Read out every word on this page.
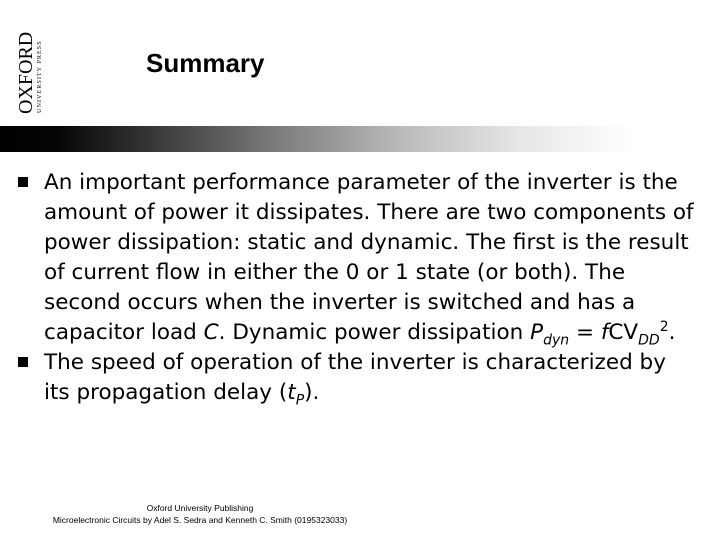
OXFORD UNIVERSITY PRESS	Summary
An important performance parameter of the inverter is the amount of power it dissipates. There are two components of power dissipation: static and dynamic. The first is the result of current flow in either the 0 or 1 state (or both). The second occurs when the inverter is switched and has a capacitor load C. Dynamic power dissipation $P_{dyn} = fCV_{DD}^2$.
The speed of operation of the inverter is characterized by its propagation delay $(t_P)$.
Oxford University Publishing
Microelectronic Circuits by Adel S. Sedra and Kenneth C. Smith (0195323033)
